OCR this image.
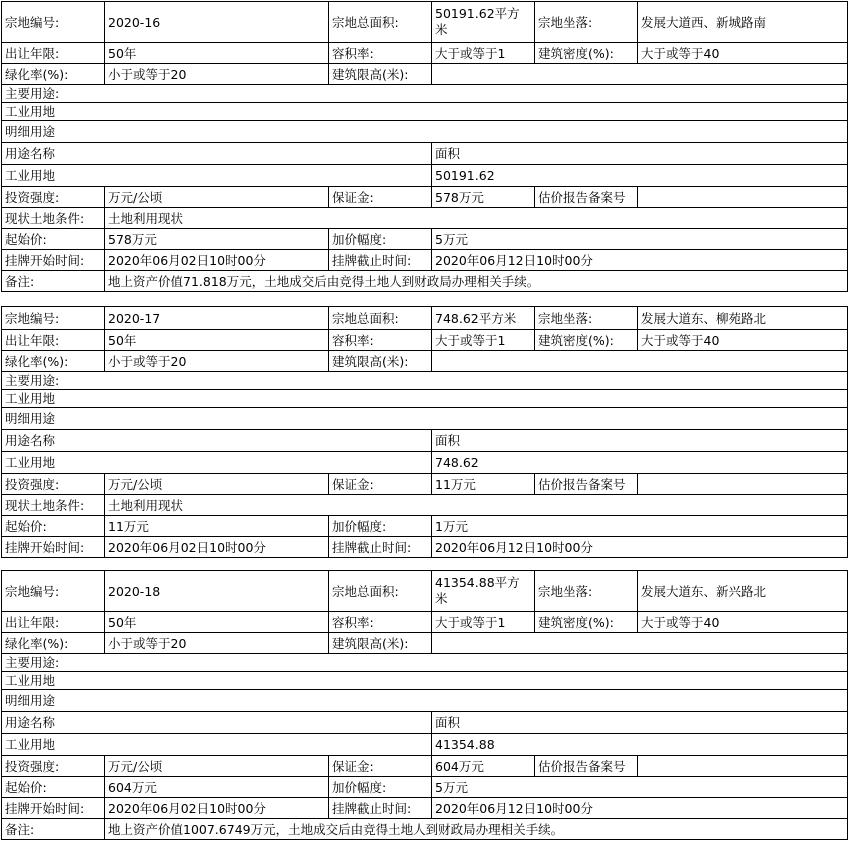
宗地编号:	2020-16	宗地总面积:	50191.62平方米	宗地坐落:	发展大道西、新城路南
出让年限:	50年	容积率:	大于或等于1	建筑密度(%):	大于或等于40
绿化率(%):	小于或等于20	建筑限高(米):			
主要用途:					
工业用地					
明细用途					
用途名称			面积		
工业用地			50191.62		
投资强度:	万元/公顷	保证金:	578万元	估价报告备案号	
现状土地条件:	土地利用现状				
起始价:	578万元	加价幅度:	5万元		
挂牌开始时间:	2020年06月02日10时00分	挂牌截止时间:	2020年06月12日10时00分		
备注:	地上资产价值71.818万元，土地成交后由竞得土地人到财政局办理相关手续。				
宗地编号:	2020-17	宗地总面积:	748.62平方米	宗地坐落:	发展大道东、柳苑路北
出让年限:	50年	容积率:	大于或等于1	建筑密度(%):	大于或等于40
绿化率(%):	小于或等于20	建筑限高(米):			
主要用途:					
工业用地					
明细用途					
用途名称			面积		
工业用地			748.62		
投资强度:	万元/公顷	保证金:	11万元	估价报告备案号	
现状土地条件:	土地利用现状				
起始价:	11万元	加价幅度:	1万元		
挂牌开始时间:	2020年06月02日10时00分	挂牌截止时间:	2020年06月12日10时00分		
宗地编号:	2020-18	宗地总面积:	41354.88平方米	宗地坐落:	发展大道东、新兴路北
出让年限:	50年	容积率:	大于或等于1	建筑密度(%):	大于或等于40
绿化率(%):	小于或等于20	建筑限高(米):			
主要用途:					
工业用地					
明细用途					
用途名称			面积		
工业用地			41354.88		
投资强度:	万元/公顷	保证金:	604万元	估价报告备案号	
起始价:	604万元	加价幅度:	5万元		
挂牌开始时间:	2020年06月02日10时00分	挂牌截止时间:	2020年06月12日10时00分		
备注:	地上资产价值1007.6749万元，土地成交后由竞得土地人到财政局办理相关手续。				
